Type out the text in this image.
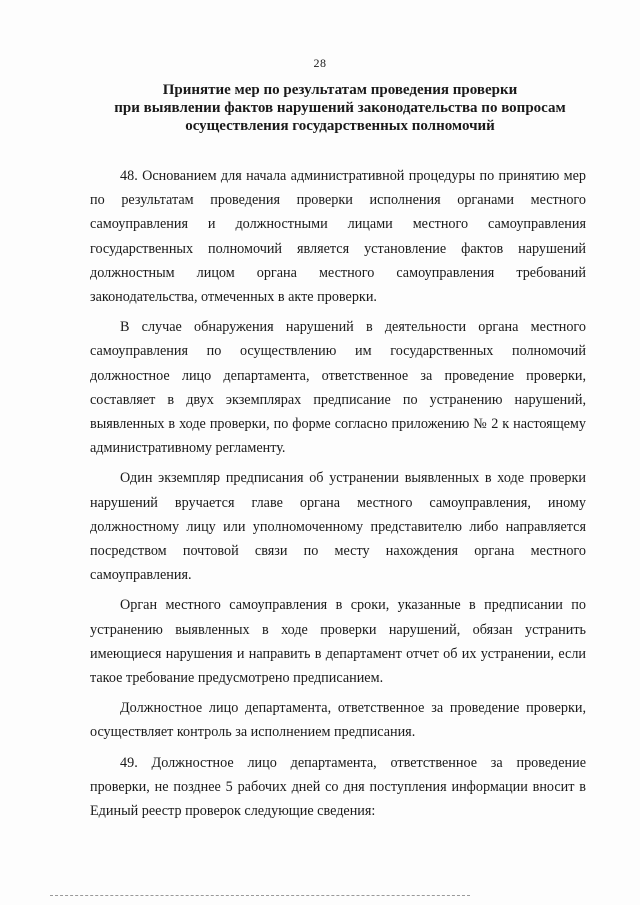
28
Принятие мер по результатам проведения проверки
при выявлении фактов нарушений законодательства по вопросам
осуществления государственных полномочий

48. Основанием для начала административной процедуры по принятию мер по результатам проведения проверки исполнения органами местного самоуправления и должностными лицами местного самоуправления государственных полномочий является установление фактов нарушений должностным лицом органа местного самоуправления требований законодательства, отмеченных в акте проверки.

В случае обнаружения нарушений в деятельности органа местного самоуправления по осуществлению им государственных полномочий должностное лицо департамента, ответственное за проведение проверки, составляет в двух экземплярах предписание по устранению нарушений, выявленных в ходе проверки, по форме согласно приложению № 2 к настоящему административному регламенту.

Один экземпляр предписания об устранении выявленных в ходе проверки нарушений вручается главе органа местного самоуправления, иному должностному лицу или уполномоченному представителю либо направляется посредством почтовой связи по месту нахождения органа местного самоуправления.

Орган местного самоуправления в сроки, указанные в предписании по устранению выявленных в ходе проверки нарушений, обязан устранить имеющиеся нарушения и направить в департамент отчет об их устранении, если такое требование предусмотрено предписанием.

Должностное лицо департамента, ответственное за проведение проверки, осуществляет контроль за исполнением предписания.

49. Должностное лицо департамента, ответственное за проведение проверки, не позднее 5 рабочих дней со дня поступления информации вносит в Единый реестр проверок следующие сведения:
